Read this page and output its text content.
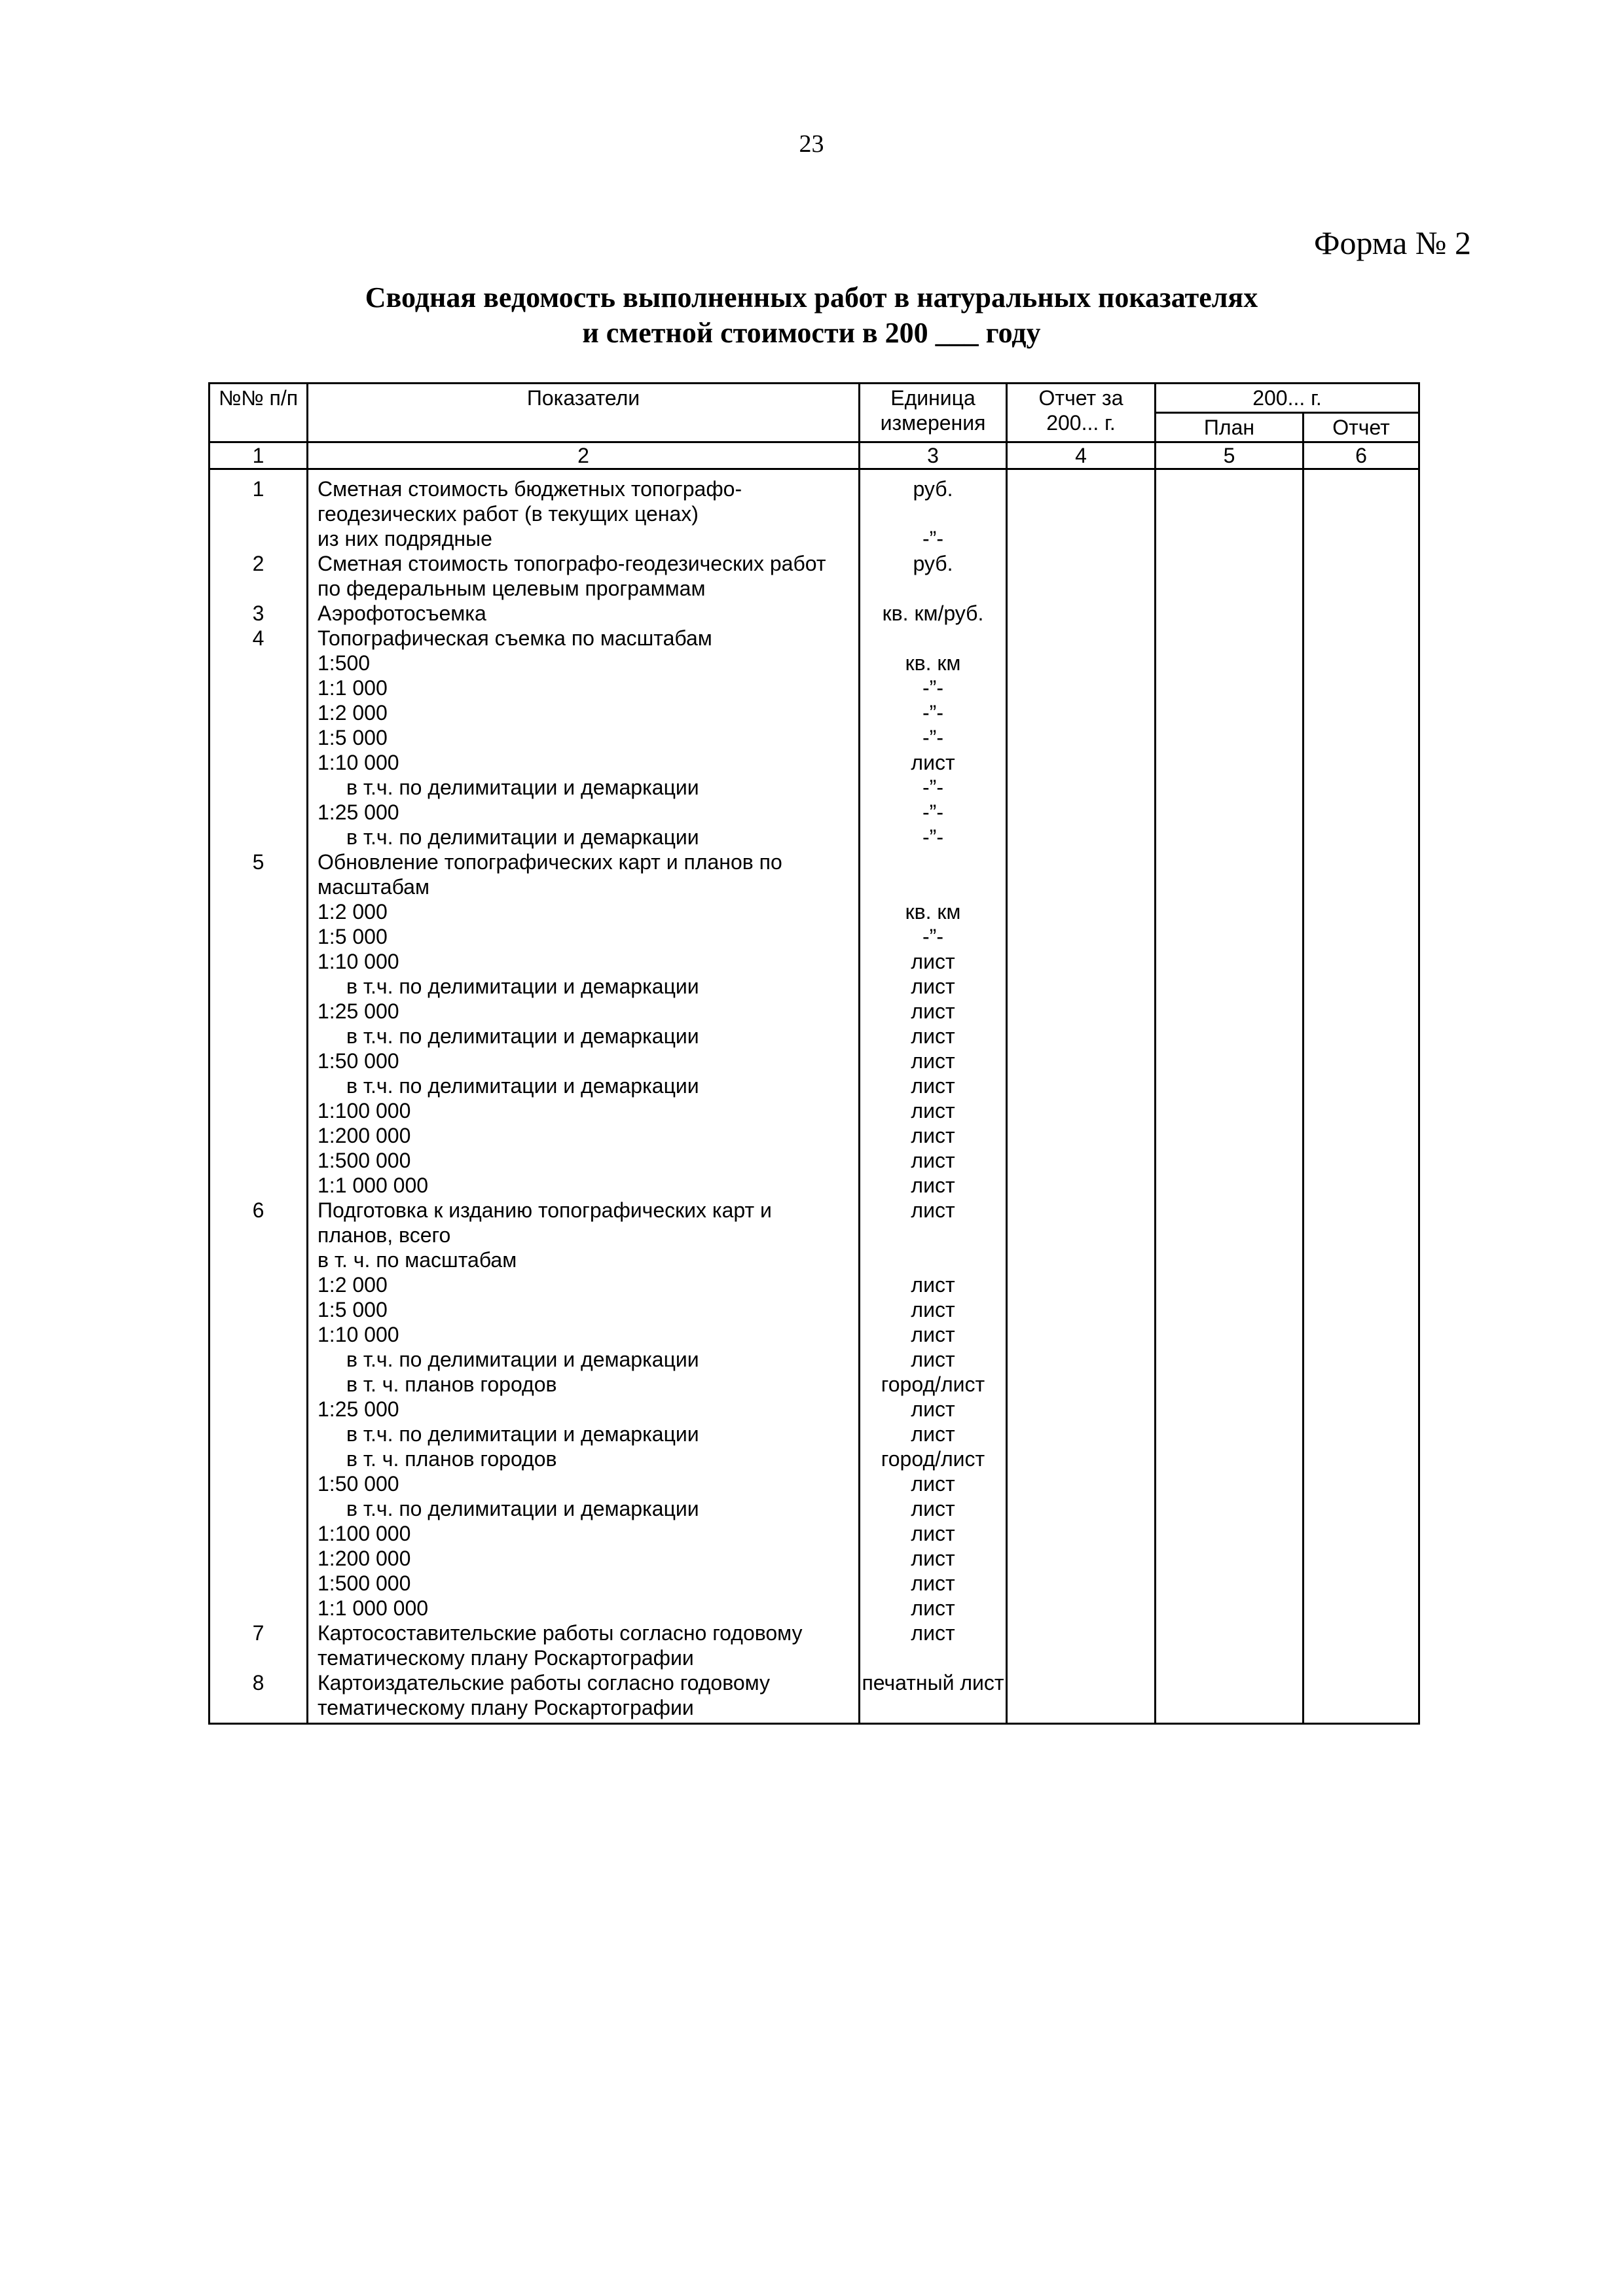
23
Форма № 2
Сводная ведомость выполненных работ в натуральных показателях
и сметной стоимости в 200 ___ году
№№ п/п	Показатели	Единица измерения	Отчет за 200... г.	200... г.	
				План	Отчет
1	2	3	4	5	6
1	Сметная стоимость бюджетных топографо-геодезических работ (в текущих ценах)	руб.			
	из них подрядные	-”-			
2	Сметная стоимость топографо-геодезических работ по федеральным целевым программам	руб.			
3	Аэрофотосъемка	кв. км/руб.			
4	Топографическая съемка по масштабам				
	1:500	кв. км			
	1:1 000	-”-			
	1:2 000	-”-			
	1:5 000	-”-			
	1:10 000	лист			
	в т.ч. по делимитации и демаркации	-”-			
	1:25 000	-”-			
	в т.ч. по делимитации и демаркации	-”-			
5	Обновление топографических карт и планов по масштабам				
	1:2 000	кв. км			
	1:5 000	-”-			
	1:10 000	лист			
	в т.ч. по делимитации и демаркации	лист			
	1:25 000	лист			
	в т.ч. по делимитации и демаркации	лист			
	1:50 000	лист			
	в т.ч. по делимитации и демаркации	лист			
	1:100 000	лист			
	1:200 000	лист			
	1:500 000	лист			
	1:1 000 000	лист			
6	Подготовка к изданию топографических карт и планов, всего	лист			
	в т. ч. по масштабам				
	1:2 000	лист			
	1:5 000	лист			
	1:10 000	лист			
	в т.ч. по делимитации и демаркации	лист			
	в т. ч. планов городов	город/лист			
	1:25 000	лист			
	в т.ч. по делимитации и демаркации	лист			
	в т. ч. планов городов	город/лист			
	1:50 000	лист			
	в т.ч. по делимитации и демаркации	лист			
	1:100 000	лист			
	1:200 000	лист			
	1:500 000	лист			
	1:1 000 000	лист			
7	Картосоставительские работы согласно годовому тематическому плану Роскартографии	лист			
8	Картоиздательские работы согласно годовому тематическому плану Роскартографии	печатный лист			
